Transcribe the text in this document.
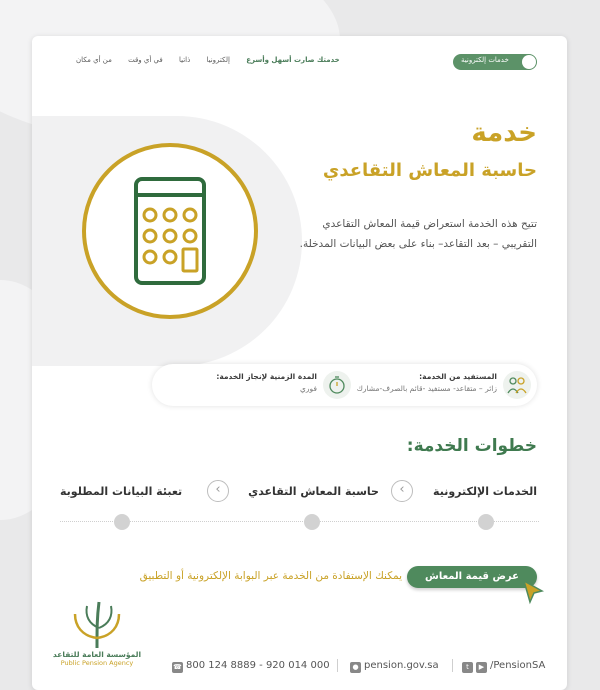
خدمتك صارت أسهل وأسرع إلكترونيا ذاتيا في أي وقت من أي مكان	خدمات إلكترونية
خدمة
حاسبة المعاش التقاعدي
تتيح هذه الخدمة استعراض قيمة المعاش التقاعدي التقريبي – بعد التقاعد– بناء على بعض البيانات المدخلة.
المستفيد من الخدمة:
زائر – متقاعد- مستفيد -قائم بالصرف-مشارك
المدة الزمنية لإنجاز الخدمة:
فوري
خطوات الخدمة:
الخدمات الإلكترونية
‹
حاسبة المعاش التقاعدي
‹
تعبئة البيانات المطلوبة
عرض قيمة المعاش
يمكنك الإستفادة من الخدمة عبر البوابة الإلكترونية أو التطبيق
المؤسسة العامة للتقاعد
Public Pension Agency	☎ 800 124 8889 - 920 014 000	● pension.gov.sa	t ▶ /PensionSA
